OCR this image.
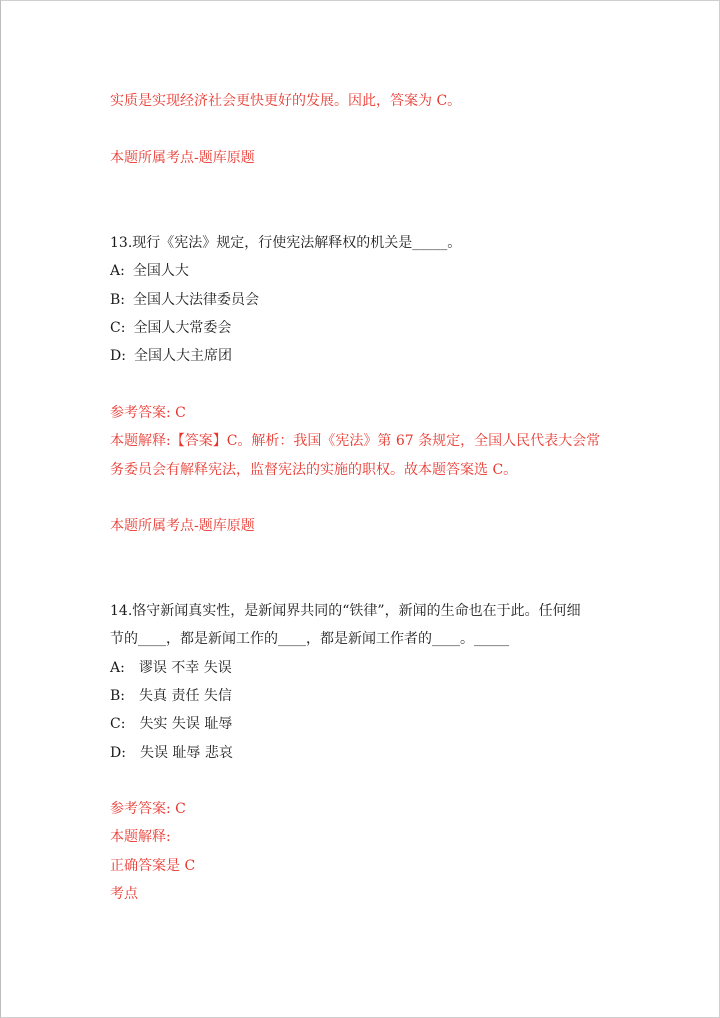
实质是实现经济社会更快更好的发展。因此，答案为 C。
本题所属考点-题库原题
13.现行《宪法》规定，行使宪法解释权的机关是_____。
A: 全国人大
B: 全国人大法律委员会
C: 全国人大常委会
D: 全国人大主席团
参考答案: C
本题解释:【答案】C。解析：我国《宪法》第 67 条规定，全国人民代表大会常
务委员会有解释宪法，监督宪法的实施的职权。故本题答案选 C。
本题所属考点-题库原题
14.恪守新闻真实性，是新闻界共同的“铁律”，新闻的生命也在于此。任何细
节的____，都是新闻工作的____，都是新闻工作者的____。_____
A: 谬误 不幸 失误
B: 失真 责任 失信
C: 失实 失误 耻辱
D: 失误 耻辱 悲哀
参考答案: C
本题解释:
正确答案是 C
考点
